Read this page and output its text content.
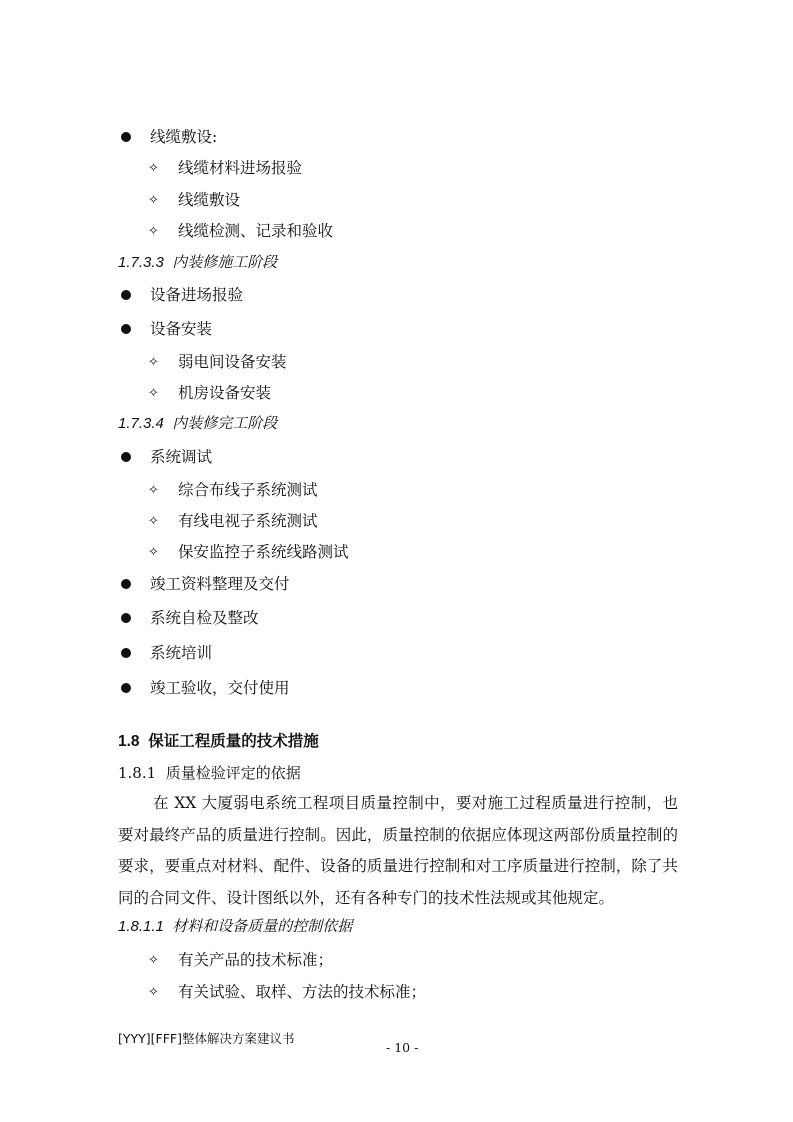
线缆敷设:
✧ 线缆材料进场报验
✧ 线缆敷设
✧ 线缆检测、记录和验收
1.7.3.3 内装修施工阶段
设备进场报验
设备安装
✧ 弱电间设备安装
✧ 机房设备安装
1.7.3.4 内装修完工阶段
系统调试
✧ 综合布线子系统测试
✧ 有线电视子系统测试
✧ 保安监控子系统线路测试
竣工资料整理及交付
系统自检及整改
系统培训
竣工验收，交付使用
1.8 保证工程质量的技术措施
1.8.1 质量检验评定的依据
在 XX 大厦弱电系统工程项目质量控制中，要对施工过程质量进行控制，也要对最终产品的质量进行控制。因此，质量控制的依据应体现这两部份质量控制的要求，要重点对材料、配件、设备的质量进行控制和对工序质量进行控制，除了共同的合同文件、设计图纸以外，还有各种专门的技术性法规或其他规定。
1.8.1.1 材料和设备质量的控制依据
✧ 有关产品的技术标准；
✧ 有关试验、取样、方法的技术标准；
[YYY][FFF]整体解决方案建议书
- 10 -
